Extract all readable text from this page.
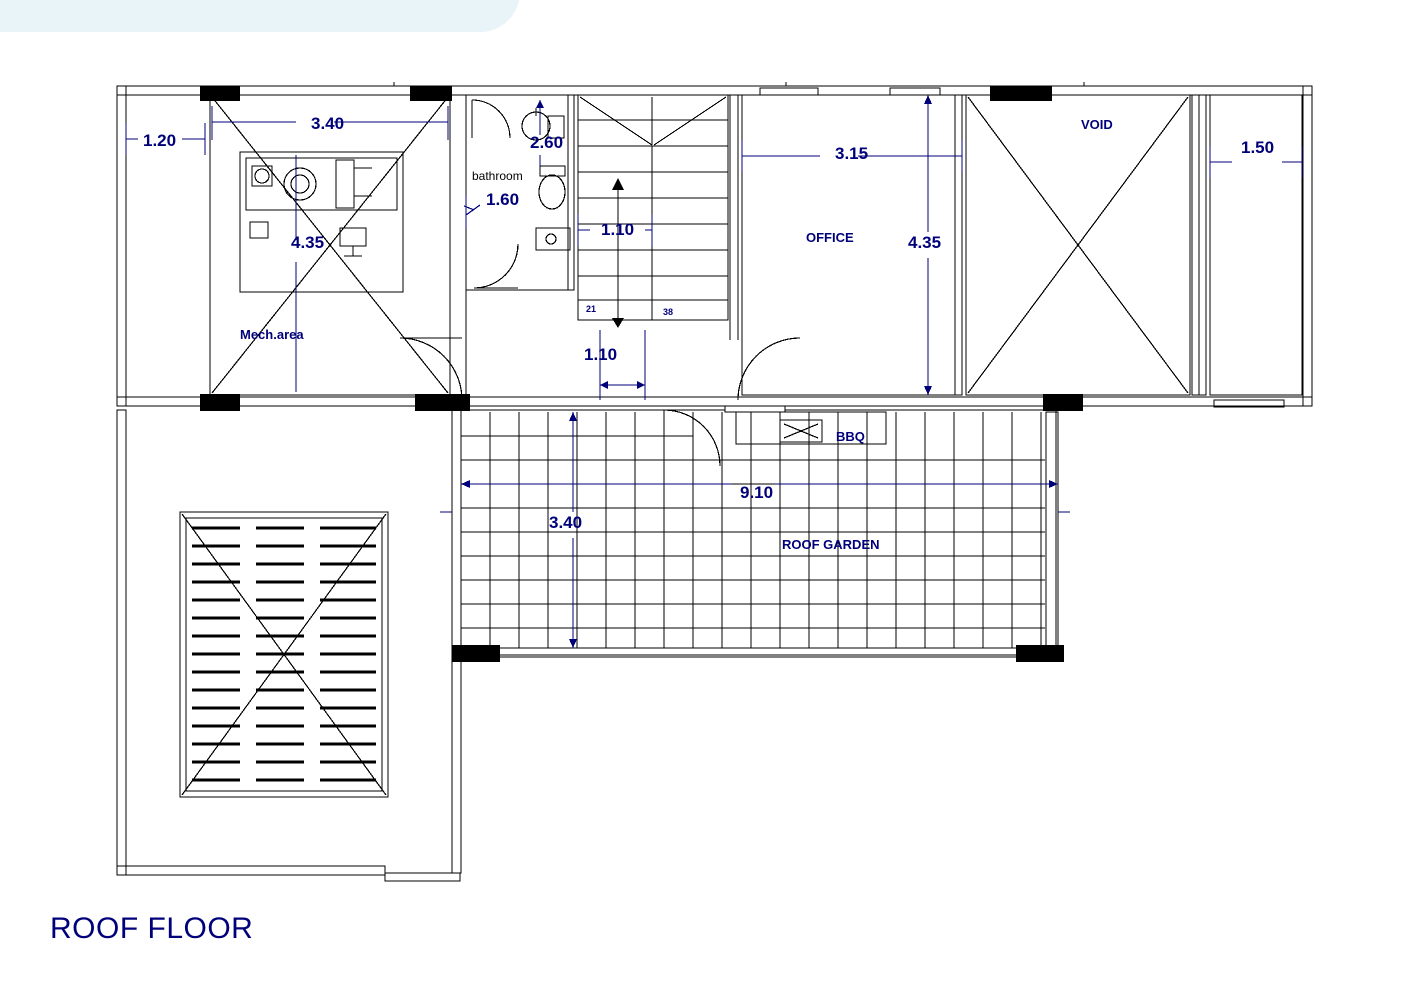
Mech.area
bathroom
OFFICE
VOID
BBQ
ROOF GARDEN
1.20
3.40
4.35
2.60
1.60
1.10
1.10
3.15
4.35
1.50
9.10
3.40
21	38
ROOF FLOOR
